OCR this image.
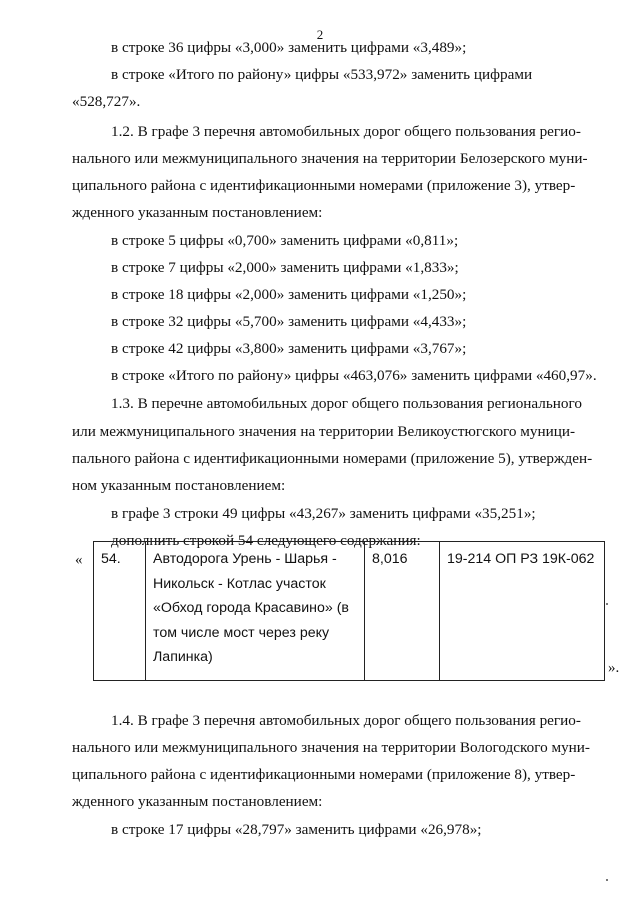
2
в строке 36 цифры «3,000» заменить цифрами «3,489»;
в строке «Итого по району» цифры «533,972» заменить цифрами
«528,727».
1.2. В графе 3 перечня автомобильных дорог общего пользования регио-
нального или межмуниципального значения на территории Белозерского муни-
ципального района с идентификационными номерами (приложение 3), утвер-
жденного указанным постановлением:
в строке 5 цифры «0,700» заменить цифрами «0,811»;
в строке 7 цифры «2,000» заменить цифрами «1,833»;
в строке 18 цифры «2,000» заменить цифрами «1,250»;
в строке 32 цифры «5,700» заменить цифрами «4,433»;
в строке 42 цифры «3,800» заменить цифрами «3,767»;
в строке «Итого по району» цифры «463,076» заменить цифрами «460,97».
1.3. В перечне автомобильных дорог общего пользования регионального
или межмуниципального значения на территории Великоустюгского муници-
пального района с идентификационными номерами (приложение 5), утвержден-
ном указанным постановлением:
в графе 3 строки 49 цифры «43,267» заменить цифрами «35,251»;
дополнить строкой 54 следующего содержания:
« 54.	Автодорога Урень - Шарья -
Никольск - Котлас участок
«Обход города Красавино» (в
том числе мост через реку
Лапинка)
	8,016	19-214 ОП РЗ 19К-062
».
1.4. В графе 3 перечня автомобильных дорог общего пользования регио-
нального или межмуниципального значения на территории Вологодского муни-
ципального района с идентификационными номерами (приложение 8), утвер-
жденного указанным постановлением:
в строке 17 цифры «28,797» заменить цифрами «26,978»;
